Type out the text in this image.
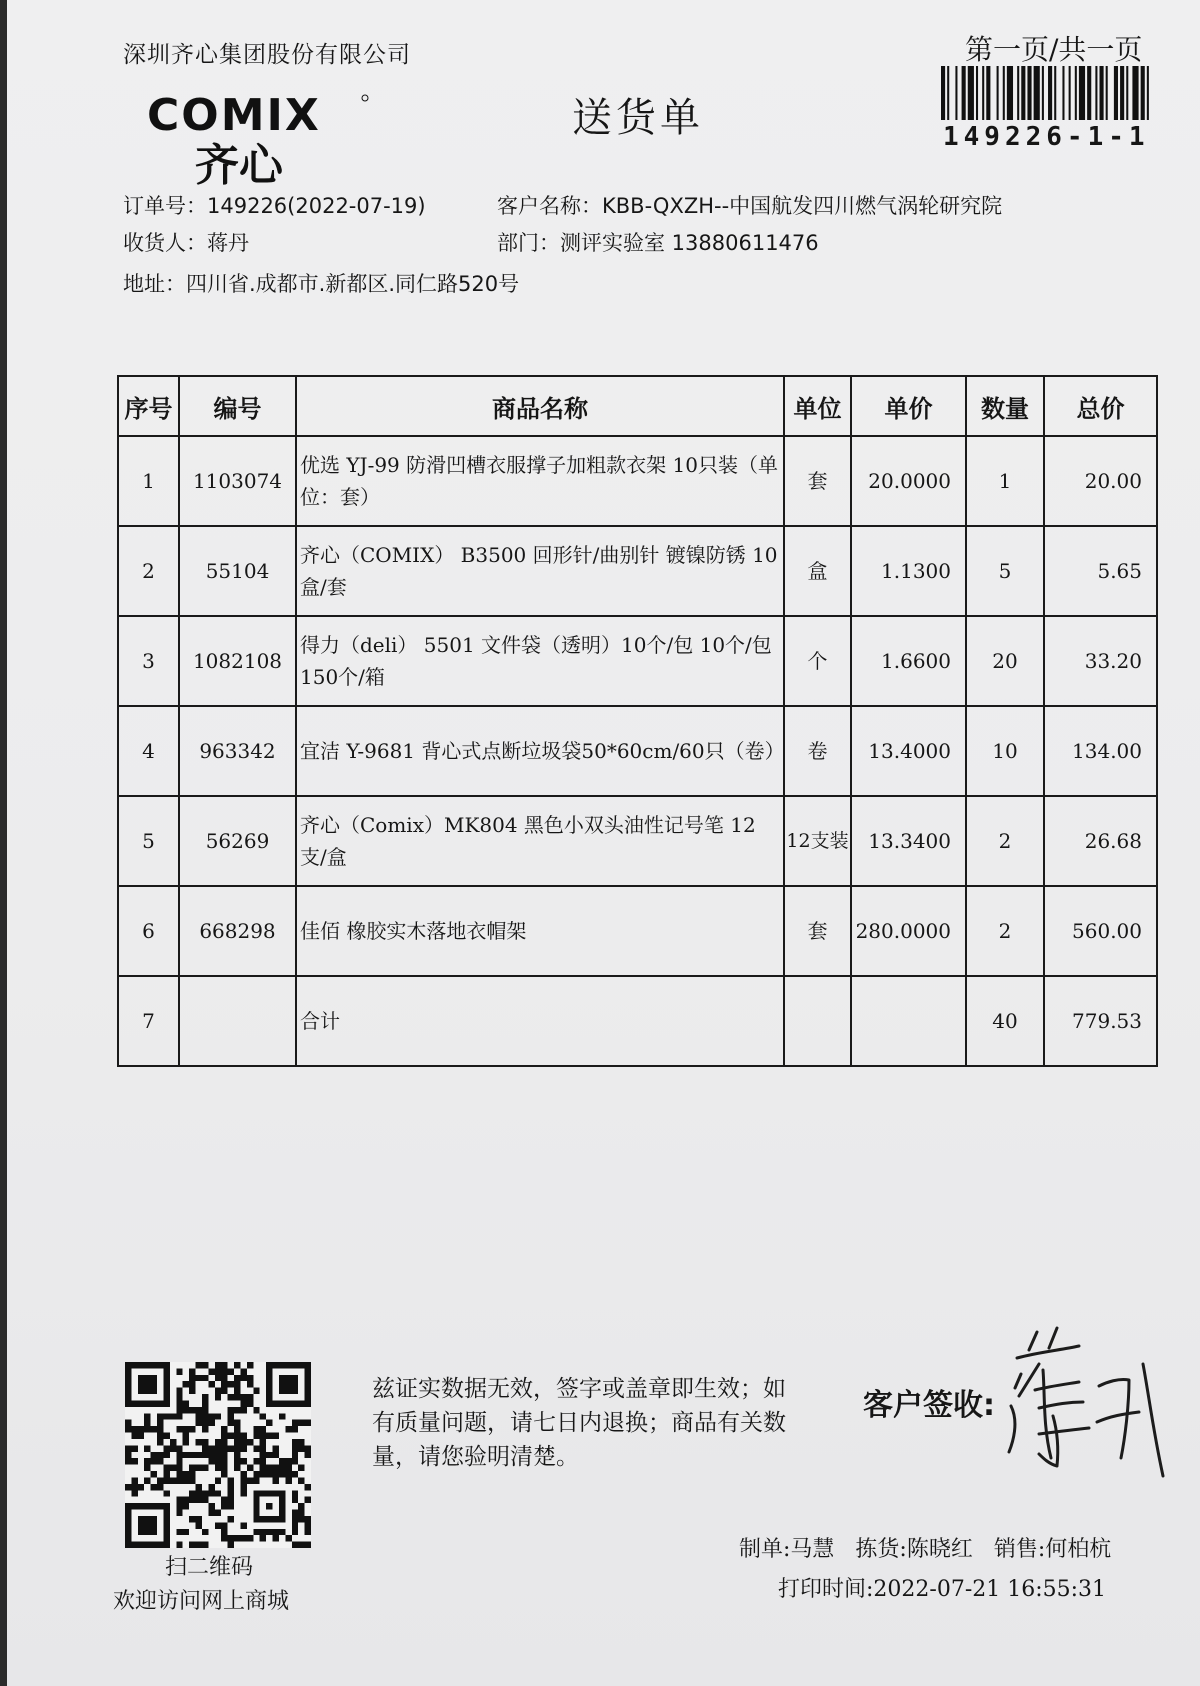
深圳齐心集团股份有限公司	第一页/共一页
COMIX
齐心
送货单	149226-1-1
订单号：149226(2022-07-19)
收货人：蒋丹
地址：四川省.成都市.新都区.同仁路520号
客户名称：KBB-QXZH--中国航发四川燃气涡轮研究院
部门：测评实验室 13880611476
序号	编号	商品名称	单位	单价	数量	总价
1	1103074	优选 YJ-99 防滑凹槽衣服撑子加粗款衣架 10只装（单位：套）	套	20.0000	1	20.00
2	55104	齐心（COMIX） B3500 回形针/曲别针 镀镍防锈 10盒/套	盒	1.1300	5	5.65
3	1082108	得力（deli） 5501 文件袋（透明）10个/包 10个/包 150个/箱	个	1.6600	20	33.20
4	963342	宜洁 Y-9681 背心式点断垃圾袋50*60cm/60只（卷）	卷	13.4000	10	134.00
5	56269	齐心（Comix）MK804 黑色小双头油性记号笔 12支/盒	12支装	13.3400	2	26.68
6	668298	佳佰 橡胶实木落地衣帽架	套	280.0000	2	560.00
7		合计			40	779.53
扫二维码
欢迎访问网上商城
兹证实数据无效，签字或盖章即生效；如有质量问题，请七日内退换；商品有关数量，请您验明清楚。
客户签收:
制单:马慧 拣货:陈晓红 销售:何柏杭
打印时间:2022-07-21 16:55:31
